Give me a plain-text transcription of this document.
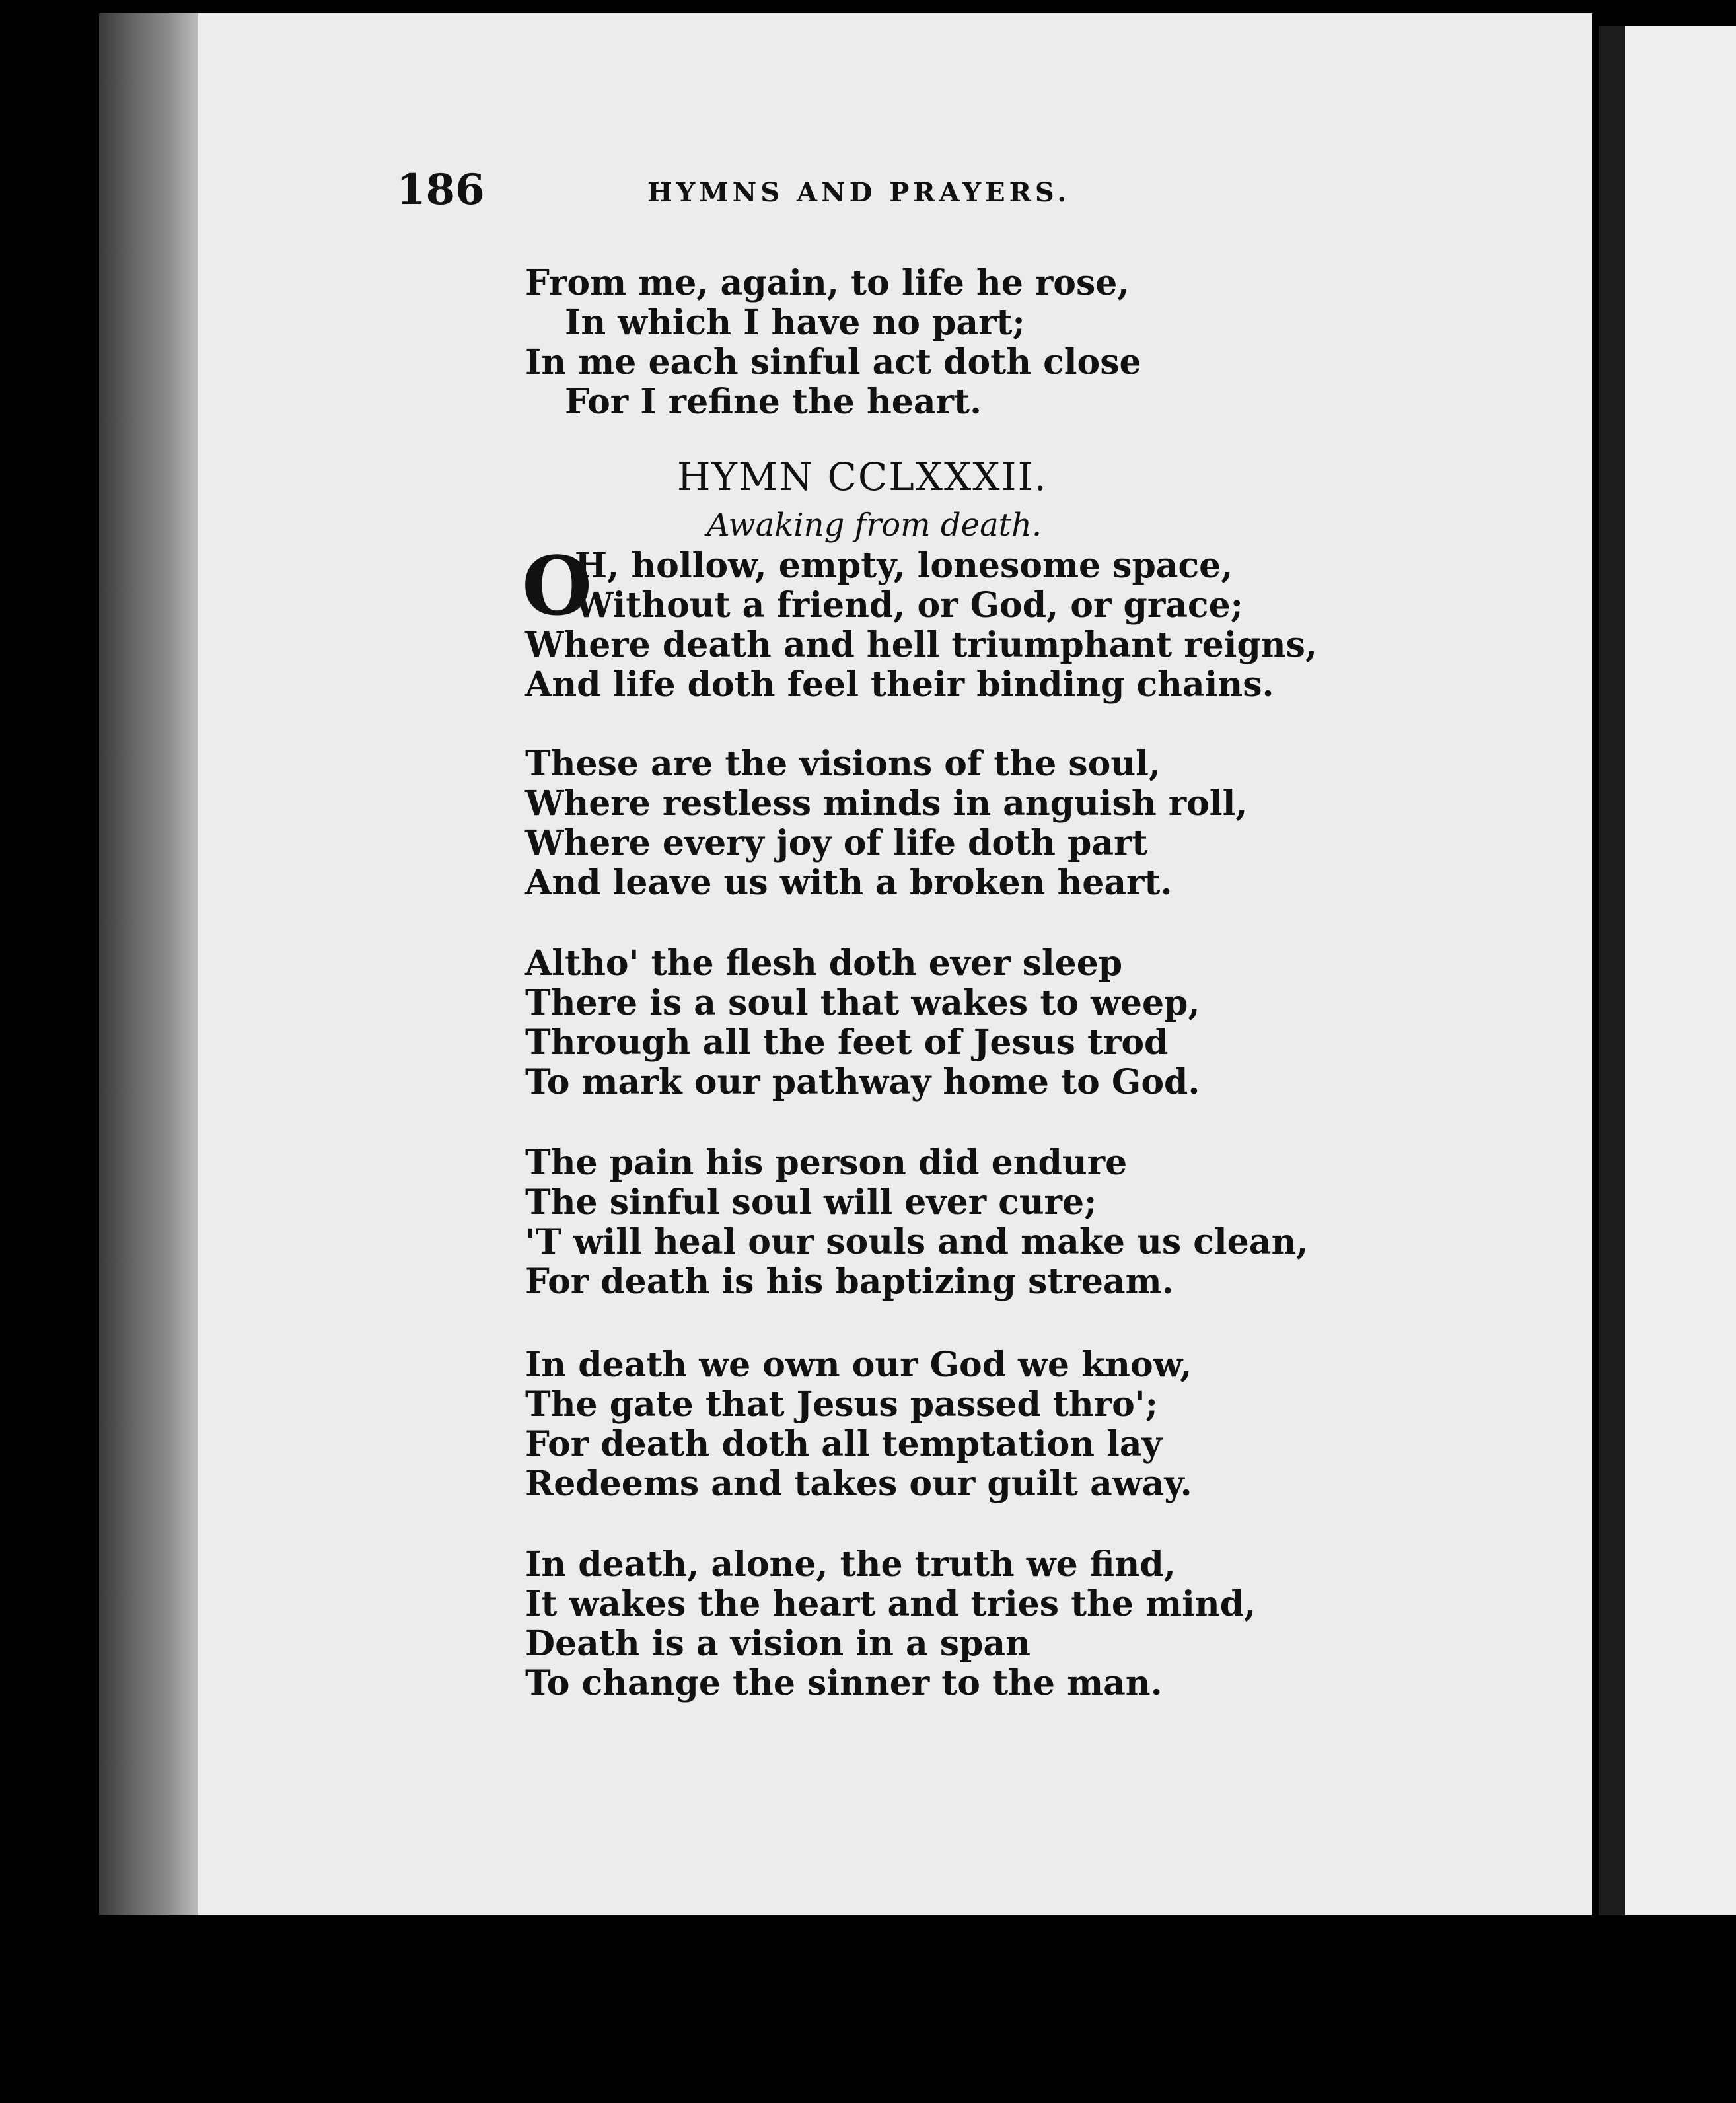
186	HYMNS AND PRAYERS.
From me, again, to life he rose,
In which I have no part;
In me each sinful act doth close
For I refine the heart.
HYMN CCLXXXII.
Awaking from death.
O
H, hollow, empty, lonesome space,
Without a friend, or God, or grace;
Where death and hell triumphant reigns,
And life doth feel their binding chains.
These are the visions of the soul,
Where restless minds in anguish roll,
Where every joy of life doth part
And leave us with a broken heart.
Altho' the flesh doth ever sleep
There is a soul that wakes to weep,
Through all the feet of Jesus trod
To mark our pathway home to God.
The pain his person did endure
The sinful soul will ever cure;
'T will heal our souls and make us clean,
For death is his baptizing stream.
In death we own our God we know,
The gate that Jesus passed thro';
For death doth all temptation lay
Redeems and takes our guilt away.
In death, alone, the truth we find,
It wakes the heart and tries the mind,
Death is a vision in a span
To change the sinner to the man.
